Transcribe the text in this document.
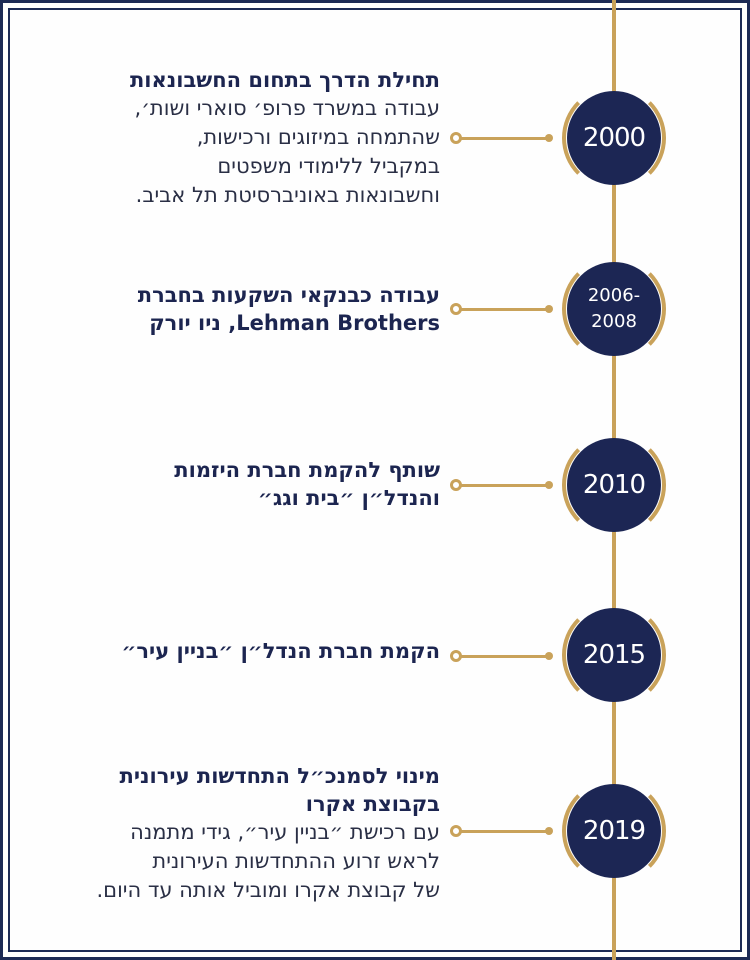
2000
תחילת הדרך בתחום החשבונאות
עבודה במשרד פרופ׳ סוארי ושות׳,
שהתמחה במיזוגים ורכישות,
במקביל ללימודי משפטים
וחשבונאות באוניברסיטת תל אביב.
2006-
2008
עבודה כבנקאי השקעות בחברת
Lehman Brothers, ניו יורק
2010
שותף להקמת חברת היזמות
והנדל״ן ״בית וגג״
2015
הקמת חברת הנדל״ן ״בניין עיר״
2019
מינוי לסמנכ״ל התחדשות עירונית
בקבוצת אקרו
עם רכישת ״בניין עיר״, גידי מתמנה
לראש זרוע ההתחדשות העירונית
של קבוצת אקרו ומוביל אותה עד היום.
